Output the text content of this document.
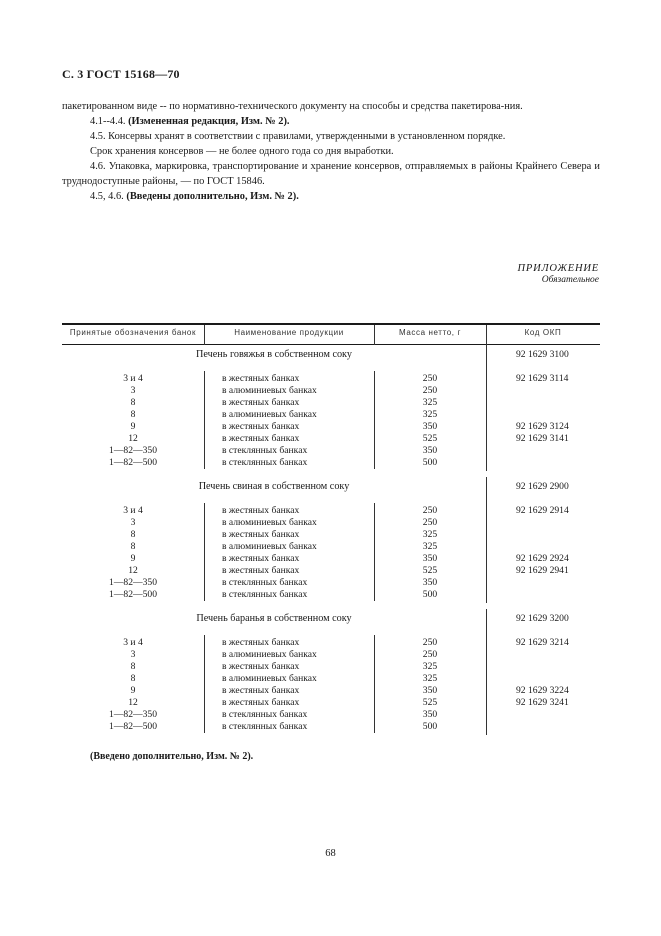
С. 3 ГОСТ 15168—70

пакетированном виде -- по нормативно-технического документу на способы и средства пакетирова-ния.

4.1--4.4. (Измененная редакция, Изм. № 2).

4.5. Консервы хранят в соответствии с правилами, утвержденными в установленном порядке.

Срок хранения консервов — не более одного года со дня выработки.

4.6. Упаковка, маркировка, транспортирование и хранение консервов, отправляемых в районы Крайнего Севера и труднодоступные районы, — по ГОСТ 15846.

4.5, 4.6. (Введены дополнительно, Изм. № 2).

ПРИЛОЖЕНИЕ
Обязательное
Принятые обозначения банок	Наименование продукции	Масса нетто, г	Код ОКП
Печень говяжья в собственном соку	92 1629 3100
3 и 4	в жестяных банках	250	92 1629 3114
3	в алюминиевых банках	250
8	в жестяных банках	325
8	в алюминиевых банках	325
9	в жестяных банках	350	92 1629 3124
12	в жестяных банках	525	92 1629 3141
1—82—350	в стеклянных банках	350
1—82—500	в стеклянных банках	500
Печень свиная в собственном соку	92 1629 2900
3 и 4	в жестяных банках	250	92 1629 2914
3	в алюминиевых банках	250
8	в жестяных банках	325
8	в алюминиевых банках	325
9	в жестяных банках	350	92 1629 2924
12	в жестяных банках	525	92 1629 2941
1—82—350	в стеклянных банках	350
1—82—500	в стеклянных банках	500
Печень баранья в собственном соку	92 1629 3200
3 и 4	в жестяных банках	250	92 1629 3214
3	в алюминиевых банках	250
8	в жестяных банках	325
8	в алюминиевых банках	325
9	в жестяных банках	350	92 1629 3224
12	в жестяных банках	525	92 1629 3241
1—82—350	в стеклянных банках	350
1—82—500	в стеклянных банках	500
(Введено дополнительно, Изм. № 2).
68
